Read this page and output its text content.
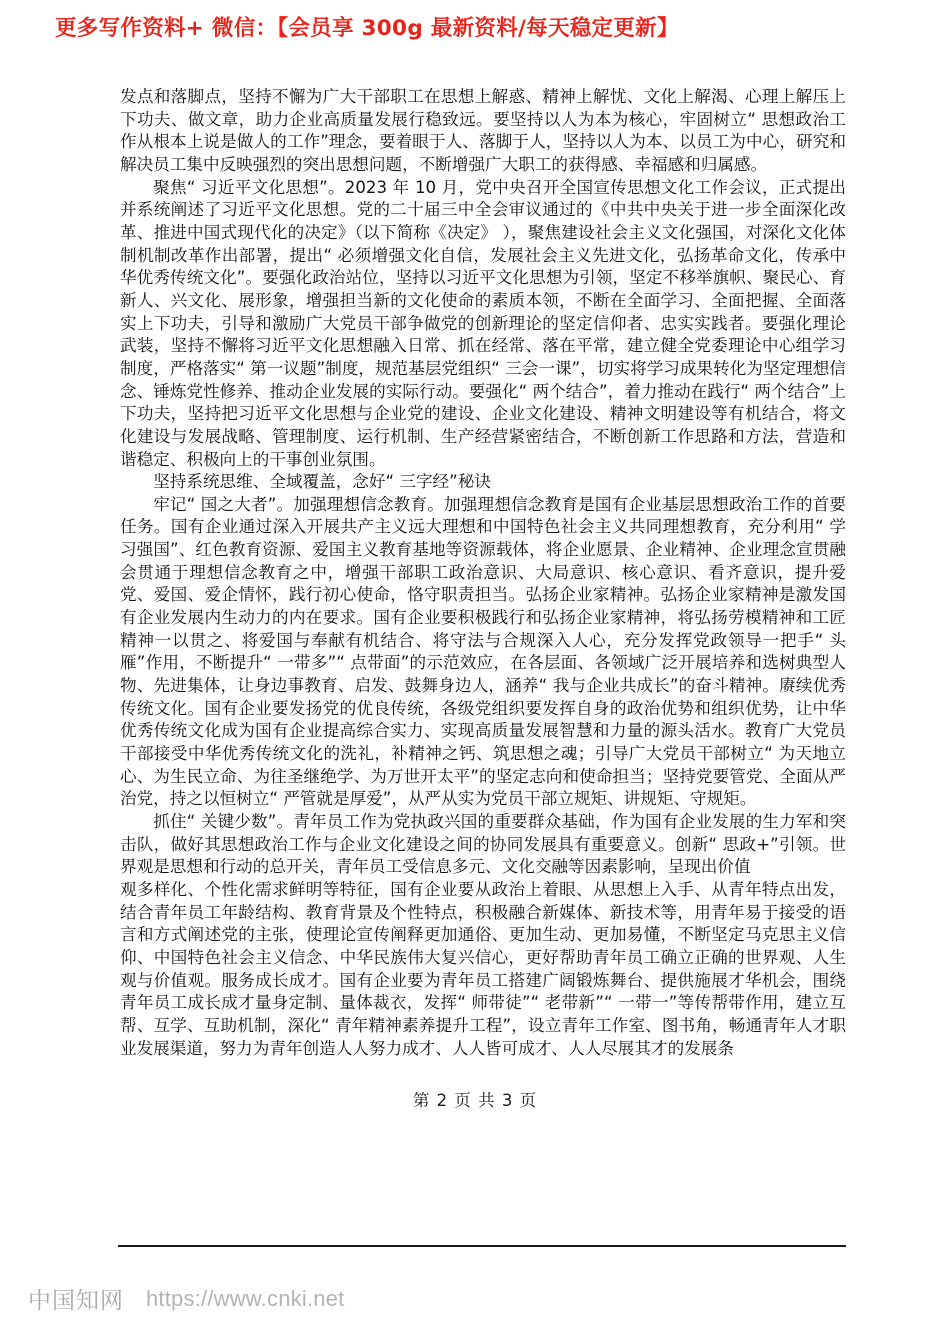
更多写作资料+ 微信：【会员享 300g 最新资料/每天稳定更新】

发点和落脚点，坚持不懈为广大干部职工在思想上解惑、精神上解忧、文化上解渴、心理上解压上下功夫、做文章，助力企业高质量发展行稳致远。要坚持以人为本为核心，牢固树立“ 思想政治工作从根本上说是做人的工作”理念，要着眼于人、落脚于人，坚持以人为本、以员工为中心，研究和解决员工集中反映强烈的突出思想问题，不断增强广大职工的获得感、幸福感和归属感。

聚焦“ 习近平文化思想”。2023 年 10 月，党中央召开全国宣传思想文化工作会议，正式提出并系统阐述了习近平文化思想。党的二十届三中全会审议通过的《中共中央关于进一步全面深化改革、推进中国式现代化的决定》（以下简称《决定》 ），聚焦建设社会主义文化强国，对深化文化体制机制改革作出部署，提出“ 必须增强文化自信，发展社会主义先进文化，弘扬革命文化，传承中华优秀传统文化”。要强化政治站位，坚持以习近平文化思想为引领，坚定不移举旗帜、聚民心、育新人、兴文化、展形象，增强担当新的文化使命的素质本领，不断在全面学习、全面把握、全面落实上下功夫，引导和激励广大党员干部争做党的创新理论的坚定信仰者、忠实实践者。要强化理论武装，坚持不懈将习近平文化思想融入日常、抓在经常、落在平常，建立健全党委理论中心组学习制度，严格落实“ 第一议题”制度，规范基层党组织“ 三会一课”，切实将学习成果转化为坚定理想信念、锤炼党性修养、推动企业发展的实际行动。要强化“ 两个结合”，着力推动在践行“ 两个结合”上下功夫，坚持把习近平文化思想与企业党的建设、企业文化建设、精神文明建设等有机结合，将文化建设与发展战略、管理制度、运行机制、生产经营紧密结合，不断创新工作思路和方法，营造和谐稳定、积极向上的干事创业氛围。

坚持系统思维、全域覆盖，念好“ 三字经”秘诀

牢记“ 国之大者”。加强理想信念教育。加强理想信念教育是国有企业基层思想政治工作的首要任务。国有企业通过深入开展共产主义远大理想和中国特色社会主义共同理想教育，充分利用“ 学习强国”、红色教育资源、爱国主义教育基地等资源载体，将企业愿景、企业精神、企业理念宣贯融会贯通于理想信念教育之中，增强干部职工政治意识、大局意识、核心意识、看齐意识，提升爱党、爱国、爱企情怀，践行初心使命，恪守职责担当。弘扬企业家精神。弘扬企业家精神是激发国有企业发展内生动力的内在要求。国有企业要积极践行和弘扬企业家精神，将弘扬劳模精神和工匠精神一以贯之、将爱国与奉献有机结合、将守法与合规深入人心，充分发挥党政领导一把手“ 头雁”作用，不断提升“ 一带多”“ 点带面”的示范效应，在各层面、各领域广泛开展培养和选树典型人物、先进集体，让身边事教育、启发、鼓舞身边人，涵养“ 我与企业共成长”的奋斗精神。赓续优秀传统文化。国有企业要发扬党的优良传统，各级党组织要发挥自身的政治优势和组织优势，让中华优秀传统文化成为国有企业提高综合实力、实现高质量发展智慧和力量的源头活水。教育广大党员干部接受中华优秀传统文化的洗礼，补精神之钙、筑思想之魂；引导广大党员干部树立“ 为天地立心、为生民立命、为往圣继绝学、为万世开太平”的坚定志向和使命担当；坚持党要管党、全面从严治党，持之以恒树立“ 严管就是厚爱”，从严从实为党员干部立规矩、讲规矩、守规矩。

抓住“ 关键少数”。青年员工作为党执政兴国的重要群众基础，作为国有企业发展的生力军和突击队，做好其思想政治工作与企业文化建设之间的协同发展具有重要意义。创新“ 思政+”引领。世界观是思想和行动的总开关，青年员工受信息多元、文化交融等因素影响，呈现出价值

观多样化、个性化需求鲜明等特征，国有企业要从政治上着眼、从思想上入手、从青年特点出发，结合青年员工年龄结构、教育背景及个性特点，积极融合新媒体、新技术等，用青年易于接受的语言和方式阐述党的主张，使理论宣传阐释更加通俗、更加生动、更加易懂，不断坚定马克思主义信仰、中国特色社会主义信念、中华民族伟大复兴信心，更好帮助青年员工确立正确的世界观、人生观与价值观。服务成长成才。国有企业要为青年员工搭建广阔锻炼舞台、提供施展才华机会，围绕青年员工成长成才量身定制、量体裁衣，发挥“ 师带徒”“ 老带新”“ 一带一”等传帮带作用，建立互帮、互学、互助机制，深化“ 青年精神素养提升工程”，设立青年工作室、图书角，畅通青年人才职业发展渠道，努力为青年创造人人努力成才、人人皆可成才、人人尽展其才的发展条

第 2 页 共 3 页
中国知网 https://www.cnki.net
